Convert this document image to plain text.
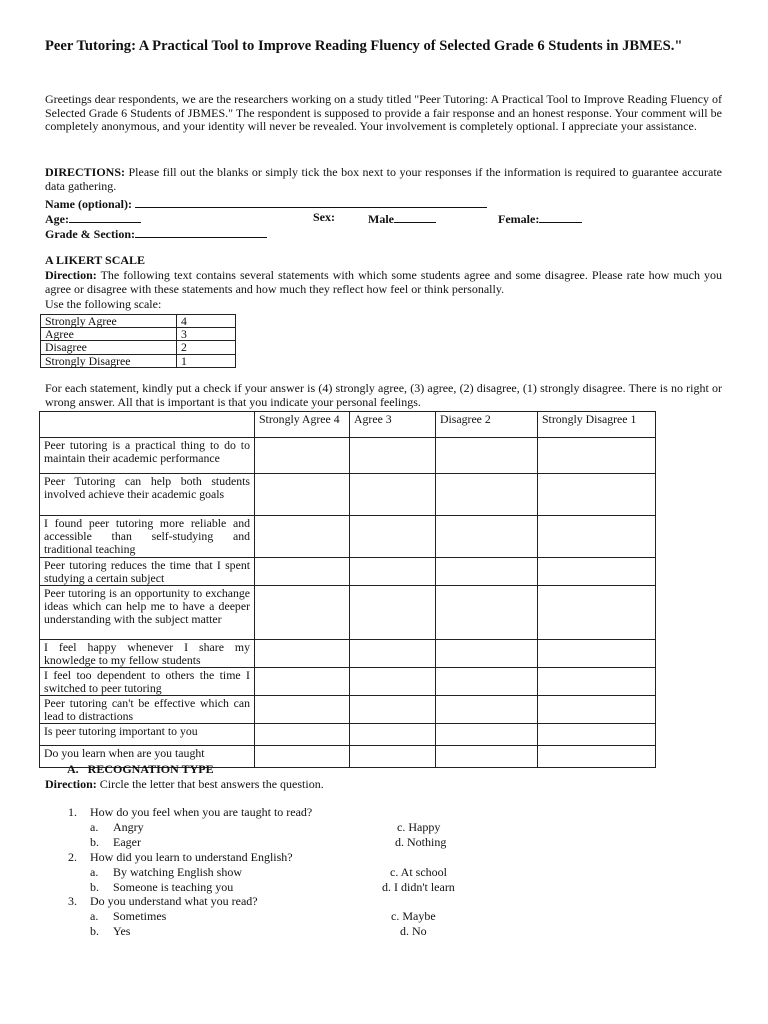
Peer Tutoring: A Practical Tool to Improve Reading Fluency of Selected Grade 6 Students in JBMES."
Greetings dear respondents, we are the researchers working on a study titled "Peer Tutoring: A Practical Tool to Improve Reading Fluency of Selected Grade 6 Students of JBMES." The respondent is supposed to provide a fair response and an honest response. Your comment will be completely anonymous, and your identity will never be revealed. Your involvement is completely optional. I appreciate your assistance.
DIRECTIONS: Please fill out the blanks or simply tick the box next to your responses if the information is required to guarantee accurate data gathering.
Name (optional):
Age:	Sex:	Male	Female:
Grade & Section:
A LIKERT SCALE
Direction: The following text contains several statements with which some students agree and some disagree. Please rate how much you agree or disagree with these statements and how much they reflect how feel or think personally.
Use the following scale:
Strongly Agree	4
Agree	3
Disagree	2
Strongly Disagree	1
For each statement, kindly put a check if your answer is (4) strongly agree, (3) agree, (2) disagree, (1) strongly disagree. There is no right or wrong answer. All that is important is that you indicate your personal feelings.
	Strongly Agree 4	Agree 3	Disagree 2	Strongly Disagree 1
Peer tutoring is a practical thing to do to maintain their academic performance				
Peer Tutoring can help both students involved achieve their academic goals				
I found peer tutoring more reliable and accessible than self-studying and traditional teaching				
Peer tutoring reduces the time that I spent studying a certain subject				
Peer tutoring is an opportunity to exchange ideas which can help me to have a deeper understanding with the subject matter				
I feel happy whenever I share my knowledge to my fellow students				
I feel too dependent to others the time I switched to peer tutoring				
Peer tutoring can't be effective which can lead to distractions				
Is peer tutoring important to you				
Do you learn when are you taught				
A.   RECOGNATION TYPE
Direction: Circle the letter that best answers the question.
1. How do you feel when you are taught to read?
a. Angry
b. Eager
c. Happy
d. Nothing
2. How did you learn to understand English?
a. By watching English show
b. Someone is teaching you
c. At school
d. I didn't learn
3. Do you understand what you read?
a. Sometimes
b. Yes
c. Maybe
d. No
